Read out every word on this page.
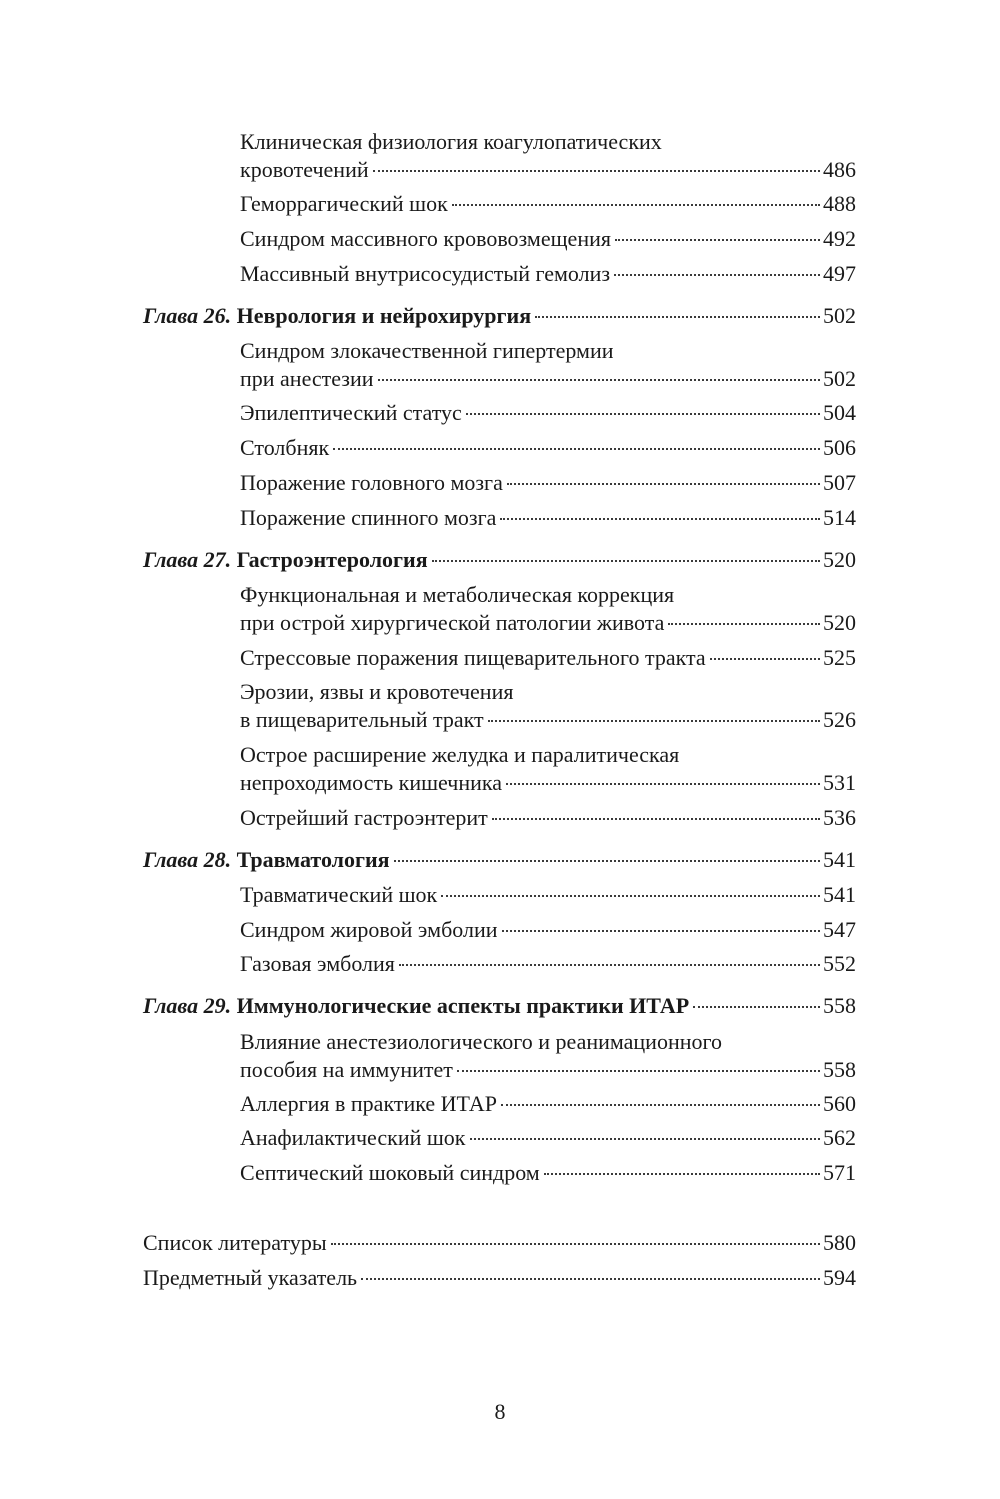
Клиническая физиология коагулопатических
кровотечений	486
Геморрагический шок	488
Синдром массивного крововозмещения	492
Массивный внутрисосудистый гемолиз	497
Глава 26. Неврология и нейрохирургия	502
Синдром злокачественной гипертермии
при анестезии	502
Эпилептический статус	504
Столбняк	506
Поражение головного мозга	507
Поражение спинного мозга	514
Глава 27. Гастроэнтерология	520
Функциональная и метаболическая коррекция
при острой хирургической патологии живота	520
Стрессовые поражения пищеварительного тракта	525
Эрозии, язвы и кровотечения
в пищеварительный тракт	526
Острое расширение желудка и паралитическая
непроходимость кишечника	531
Острейший гастроэнтерит	536
Глава 28. Травматология	541
Травматический шок	541
Синдром жировой эмболии	547
Газовая эмболия	552
Глава 29. Иммунологические аспекты практики ИТАР	558
Влияние анестезиологического и реанимационного
пособия на иммунитет	558
Аллергия в практике ИТАР	560
Анафилактический шок	562
Септический шоковый синдром	571
Список литературы	580
Предметный указатель	594
8
